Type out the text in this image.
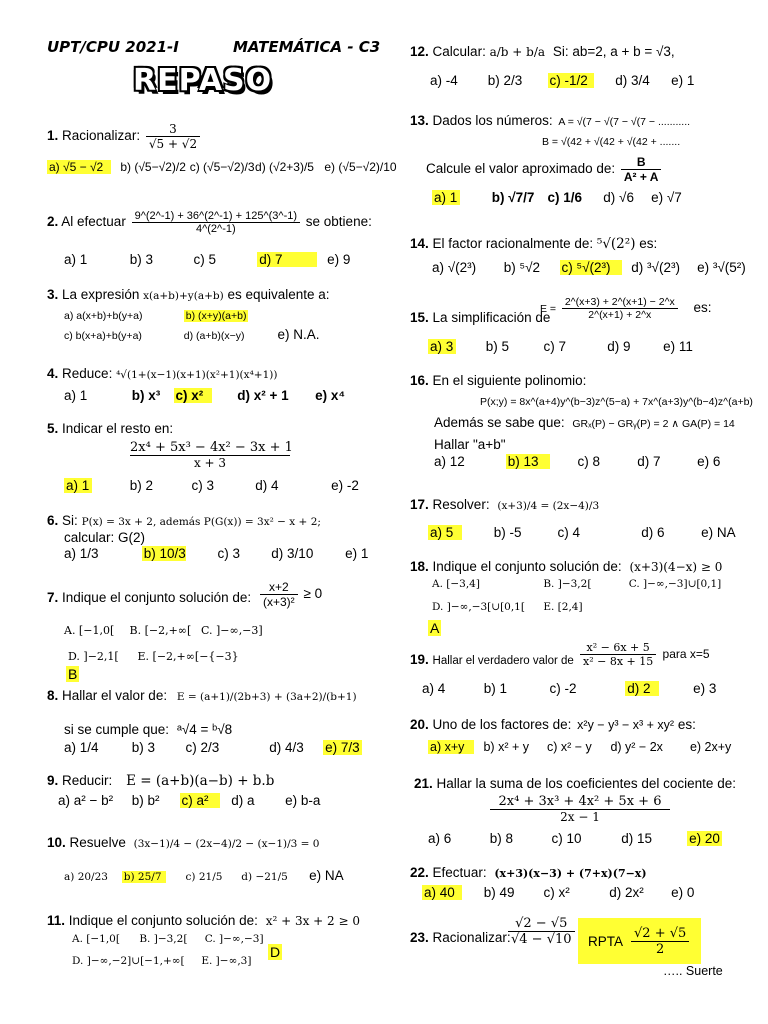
UPT/CPU 2021-I	MATEMÁTICA - C3
REPASO
1. Racionalizar: $\frac{3}{√5 + √2}$
a) √5 − √2 b) (√5−√2)/2 c) (√5−√2)/3 d) (√2+3)/5 e) (√5−√2)/10
2. Al efectuar $\frac{9\^{}(2\^{}-1) + 36\^{}(2\^{}-1) + 125\^{}(3\^{}-1)}{4\^{}(2\^{}-1)}$ se obtiene:
a) 1	b) 3	c) 5	d) 7	e) 9
3. La expresión x(a+b)+y(a+b) es equivalente a:
a) a(x+b)+b(y+a)	b) (x+y)(a+b)
c) b(x+a)+b(y+a)	d) (a+b)(x−y) e) N.A.
4. Reduce: ⁴√(1+(x−1)(x+1)(x²+1)(x⁴+1))
a) 1	b) x³ c) x²	d) x² + 1 e) x⁴
5. Indicar el resto en:
2x⁴ + 5x³ − 4x² − 3x + 1
x + 3
a) 1	b) 2	c) 3	d) 4	e) -2
6. Si: P(x) = 3x + 2, además P(G(x)) = 3x² − x + 2;
calcular: G(2)
a) 1/3	b) 10/3 c) 3 d) 3/10 e) 1
7. Indique el conjunto solución de: $\frac{x+2}{\text{(x+3)²}} \ge 0$
A. [−1,0[ B. [−2,+∞[ C. ]−∞,−3]
D. ]−2,1[ E. [−2,+∞[−{−3}
B
8. Hallar el valor de: E = (a+1)/(2b+3) + (3a+2)/(b+1)
si se cumple que: ᵃ√4 = ᵇ√8
a) 1/4 b) 3 c) 2/3	d) 4/3 e) 7/3
9. Reducir: E = (a+b)(a−b) + b.b
a) a² − b² b) b² c) a² d) a e) b-a
10. Resuelve (3x−1)/4 − (2x−4)/2 − (x−1)/3 = 0
a) 20/23 b) 25/7 c) 21/5 d) −21/5 e) NA
11. Indique el conjunto solución de: x² + 3x + 2 ≥ 0
A. [−1,0[ B. ]−3,2[ C. ]−∞,−3]
D. ]−∞,−2]∪[−1,+∞[ E. ]−∞,3]
D
12. Calcular: a/b + b/a Si: ab=2, a + b = √3,
a) -4 b) 2/3 c) -1/2 d) 3/4 e) 1
13. Dados los números: A = √(7 − √(7 − √(7 − ...........
B = √(42 + √(42 + √(42 + .......
Calcule el valor aproximado de: $\frac{B}{\text{A² + A}}$
a) 1	b) √7/7 c) 1/6 d) √6 e) √7
14. El factor racionalmente de: ⁵√(2²) es:
a) √(2³) b) ⁵√2 c) ⁵√(2³) d) ³√(2³) e) ³√(5²)
15. La simplificación de
$E = \frac{2\^{}(x+3) + 2\^{}(x+1) - 2\^{}x}{2\^{}(x+1) + 2\^{}x}$ es:
a) 3 b) 5	c) 7	d) 9 e) 11
16. En el siguiente polinomio:
P(x;y) = 8x^(a+4)y^(b−3)z^(5−a) + 7x^(a+3)y^(b−4)z^(a+b)
Además se sabe que: GRₓ(P) − GRᵧ(P) = 2 ∧ GA(P) = 14
Hallar "a+b"
a) 12	b) 13	c) 8	d) 7	e) 6
17. Resolver: (x+3)/4 = (2x−4)/3
a) 5	b) -5	c) 4	d) 6	e) NA
18. Indique el conjunto solución de: (x+3)(4−x) ≥ 0
A. [−3,4]	B. ]−3,2[	C. ]−∞,−3]∪[0,1]
D. ]−∞,−3[∪[0,1[ E. [2,4]
A
19. Hallar el verdadero valor de $\frac{\text{x² − 6x + 5}}{\text{x² − 8x + 15}}$ para x=5
a) 4	b) 1	c) -2	d) 2	e) 3
20. Uno de los factores de: x²y − y³ − x³ + xy² es:
a) x+y b) x² + y c) x² − y d) y² − 2x e) 2x+y
21. Hallar la suma de los coeficientes del cociente de:
2x⁴ + 3x³ + 4x² + 5x + 6
2x − 1
a) 6	b) 8	c) 10	d) 15	e) 20
22. Efectuar: (x+3)(x−3) + (7+x)(7−x)
a) 40 b) 49 c) x²	d) 2x² e) 0
23. Racionalizar:
$\frac{√2 - √5}{√4 - √10}$ RPTA $\frac{√2 + √5}{2}$
….. Suerte
